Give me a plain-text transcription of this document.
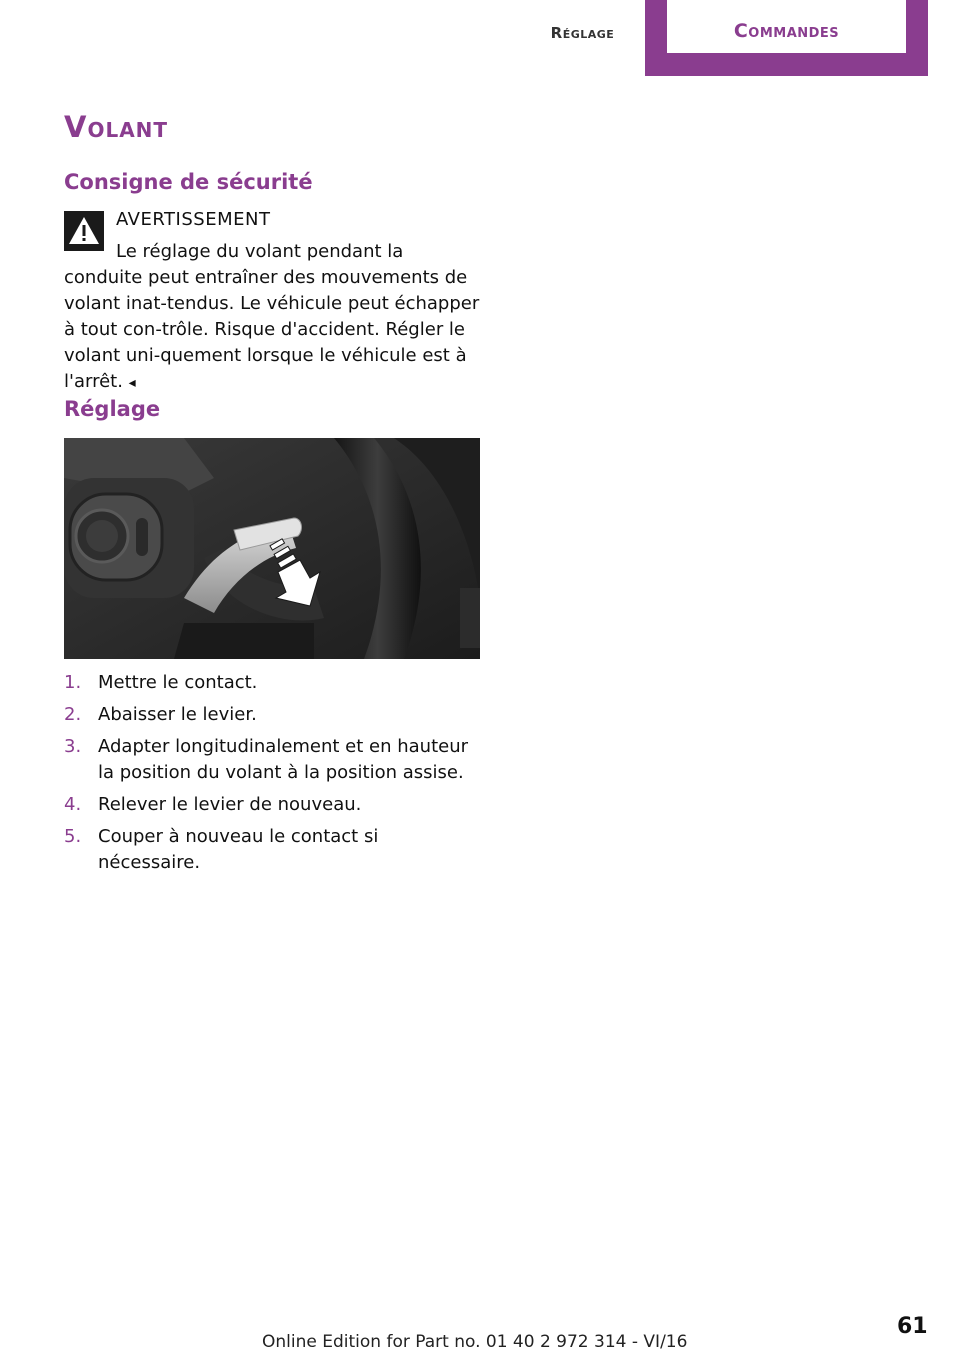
Réglage	Commandes
Volant
Consigne de sécurité
AVERTISSEMENT

Le réglage du volant pendant la conduite peut entraîner des mouvements de volant inat-tendus. Le véhicule peut échapper à tout con-trôle. Risque d'accident. Régler le volant uni-quement lorsque le véhicule est à l'arrêt. ◂

Réglage
1. Mettre le contact.
2. Abaisser le levier.
3. Adapter longitudinalement et en hauteur la position du volant à la position assise.
4. Relever le levier de nouveau.
5. Couper à nouveau le contact si nécessaire.
Online Edition for Part no. 01 40 2 972 314 - VI/16
61
